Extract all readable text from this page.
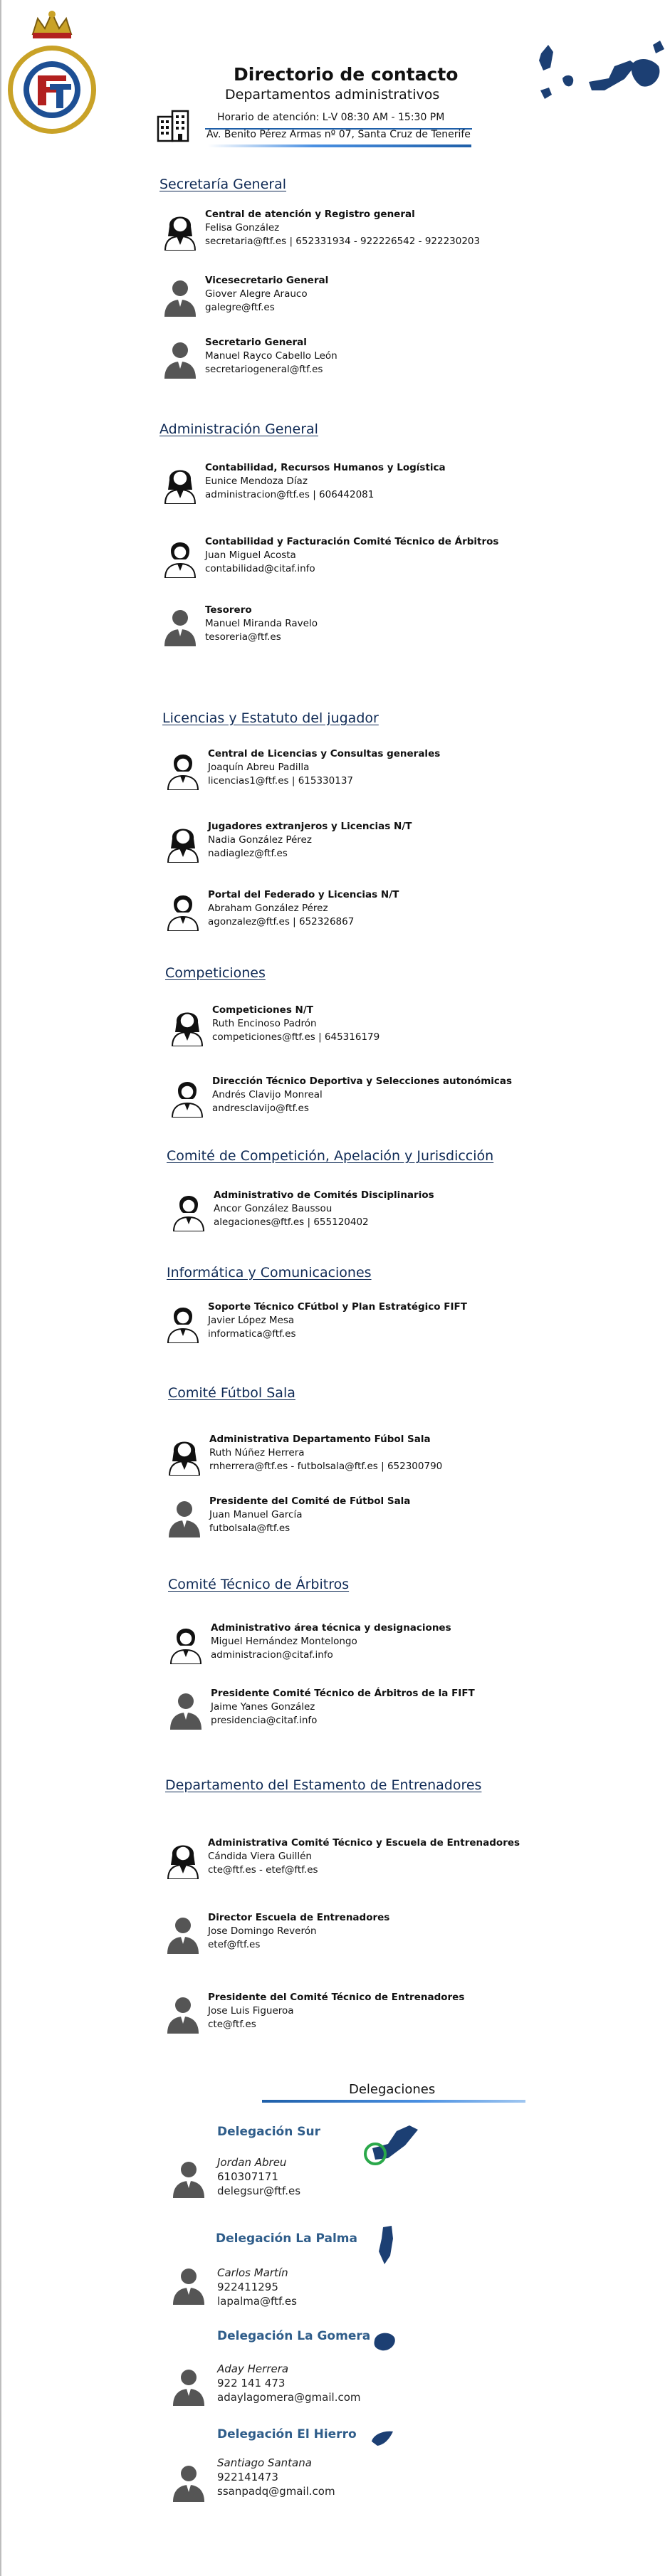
Directorio de contacto
Departamentos administrativos
Horario de atención: L-V 08:30 AM - 15:30 PM
Av. Benito Pérez Armas nº 07, Santa Cruz de Tenerife
Secretaría General
Central de atención y Registro general
Felisa González
secretaria@ftf.es | 652331934 - 922226542 - 922230203
Vicesecretario General
Giover Alegre Arauco
galegre@ftf.es
Secretario General
Manuel Rayco Cabello León
secretariogeneral@ftf.es
Administración General
Contabilidad, Recursos Humanos y Logística
Eunice Mendoza Díaz
administracion@ftf.es | 606442081
Contabilidad y Facturación Comité Técnico de Árbitros
Juan Miguel Acosta
contabilidad@citaf.info
Tesorero
Manuel Miranda Ravelo
tesoreria@ftf.es
Licencias y Estatuto del jugador
Central de Licencias y Consultas generales
Joaquín Abreu Padilla
licencias1@ftf.es | 615330137
Jugadores extranjeros y Licencias N/T
Nadia González Pérez
nadiaglez@ftf.es
Portal del Federado y Licencias N/T
Abraham González Pérez
agonzalez@ftf.es | 652326867
Competiciones
Competiciones N/T
Ruth Encinoso Padrón
competiciones@ftf.es | 645316179
Dirección Técnico Deportiva y Selecciones autonómicas
Andrés Clavijo Monreal
andresclavijo@ftf.es
Comité de Competición, Apelación y Jurisdicción
Administrativo de Comités Disciplinarios
Ancor González Baussou
alegaciones@ftf.es | 655120402
Informática y Comunicaciones
Soporte Técnico CFútbol y Plan Estratégico FIFT
Javier López Mesa
informatica@ftf.es
Comité Fútbol Sala
Administrativa Departamento Fúbol Sala
Ruth Núñez Herrera
rnherrera@ftf.es - futbolsala@ftf.es | 652300790
Presidente del Comité de Fútbol Sala
Juan Manuel García
futbolsala@ftf.es
Comité Técnico de Árbitros
Administrativo área técnica y designaciones
Miguel Hernández Montelongo
administracion@citaf.info
Presidente Comité Técnico de Árbitros de la FIFT
Jaime Yanes González
presidencia@citaf.info
Departamento del Estamento de Entrenadores
Administrativa Comité Técnico y Escuela de Entrenadores
Cándida Viera Guillén
cte@ftf.es - etef@ftf.es
Director Escuela de Entrenadores
Jose Domingo Reverón
etef@ftf.es
Presidente del Comité Técnico de Entrenadores
Jose Luis Figueroa
cte@ftf.es
Delegaciones
Delegación Sur
Jordan Abreu
610307171
delegsur@ftf.es
Delegación La Palma
Carlos Martín
922411295
lapalma@ftf.es
Delegación La Gomera
Aday Herrera
922 141 473
adaylagomera@gmail.com
Delegación El Hierro
Santiago Santana
922141473
ssanpadq@gmail.com
